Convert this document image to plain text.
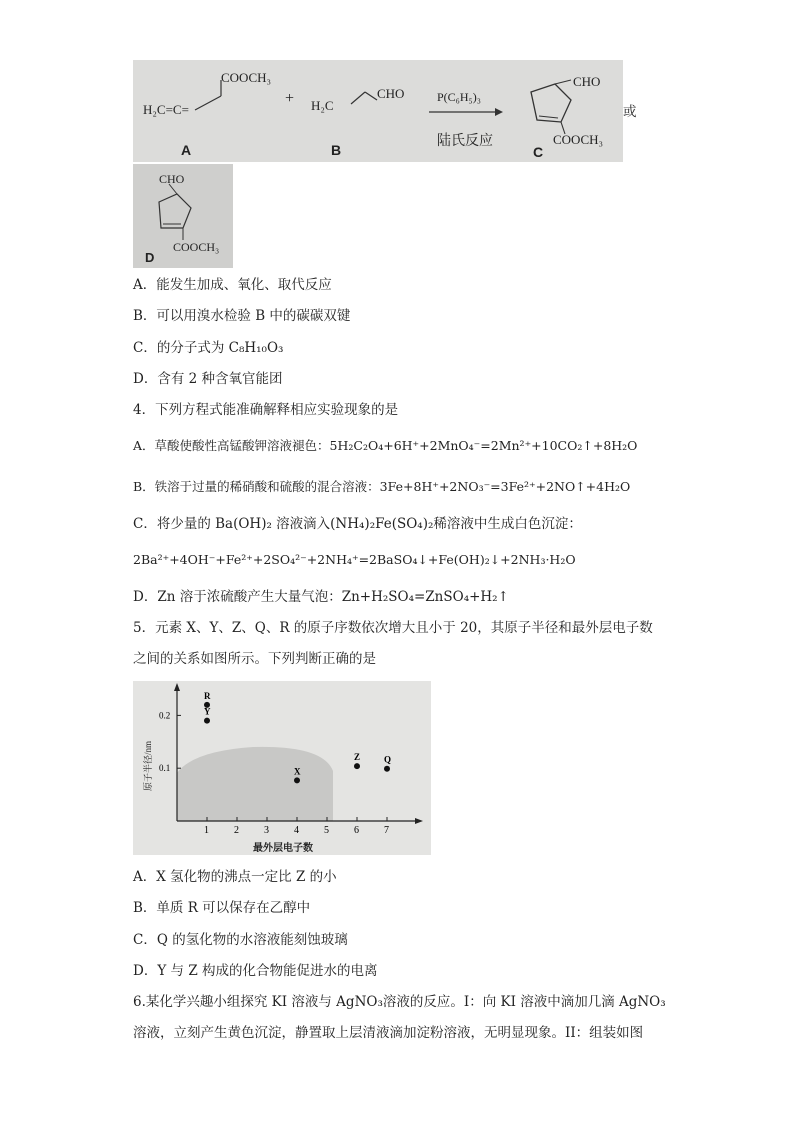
COOCH₃
H₂C=C=
+ H₂C
CHO	P(C₆H₅)₃
陆氏反应
CHO
COOCH₃
A	B	C
或
CHO
COOCH₃
D
A．能发生加成、氧化、取代反应
B．可以用溴水检验 B 中的碳碳双键
C．的分子式为 C₈H₁₀O₃
D．含有 2 种含氧官能团
4．下列方程式能准确解释相应实验现象的是
A．草酸使酸性高锰酸钾溶液褪色：5H₂C₂O₄+6H⁺+2MnO₄⁻=2Mn²⁺+10CO₂↑+8H₂O
B．铁溶于过量的稀硝酸和硫酸的混合溶液：3Fe+8H⁺+2NO₃⁻=3Fe²⁺+2NO↑+4H₂O
C．将少量的 Ba(OH)₂ 溶液滴入(NH₄)₂Fe(SO₄)₂稀溶液中生成白色沉淀：
2Ba²⁺+4OH⁻+Fe²⁺+2SO₄²⁻+2NH₄⁺=2BaSO₄↓+Fe(OH)₂↓+2NH₃·H₂O
D．Zn 溶于浓硫酸产生大量气泡：Zn+H₂SO₄=ZnSO₄+H₂↑
5．元素 X、Y、Z、Q、R 的原子序数依次增大且小于 20，其原子半径和最外层电子数
之间的关系如图所示。下列判断正确的是
1	2	3	4	5	6	7
0.1
0.2
R
Y
X
Z	Q
最外层电子数
原子半径/nm
A．X 氢化物的沸点一定比 Z 的小
B．单质 R 可以保存在乙醇中
C．Q 的氢化物的水溶液能刻蚀玻璃
D．Y 与 Z 构成的化合物能促进水的电离
6.某化学兴趣小组探究 KI 溶液与 AgNO₃溶液的反应。I：向 KI 溶液中滴加几滴 AgNO₃
溶液，立刻产生黄色沉淀，静置取上层清液滴加淀粉溶液，无明显现象。II：组装如图
